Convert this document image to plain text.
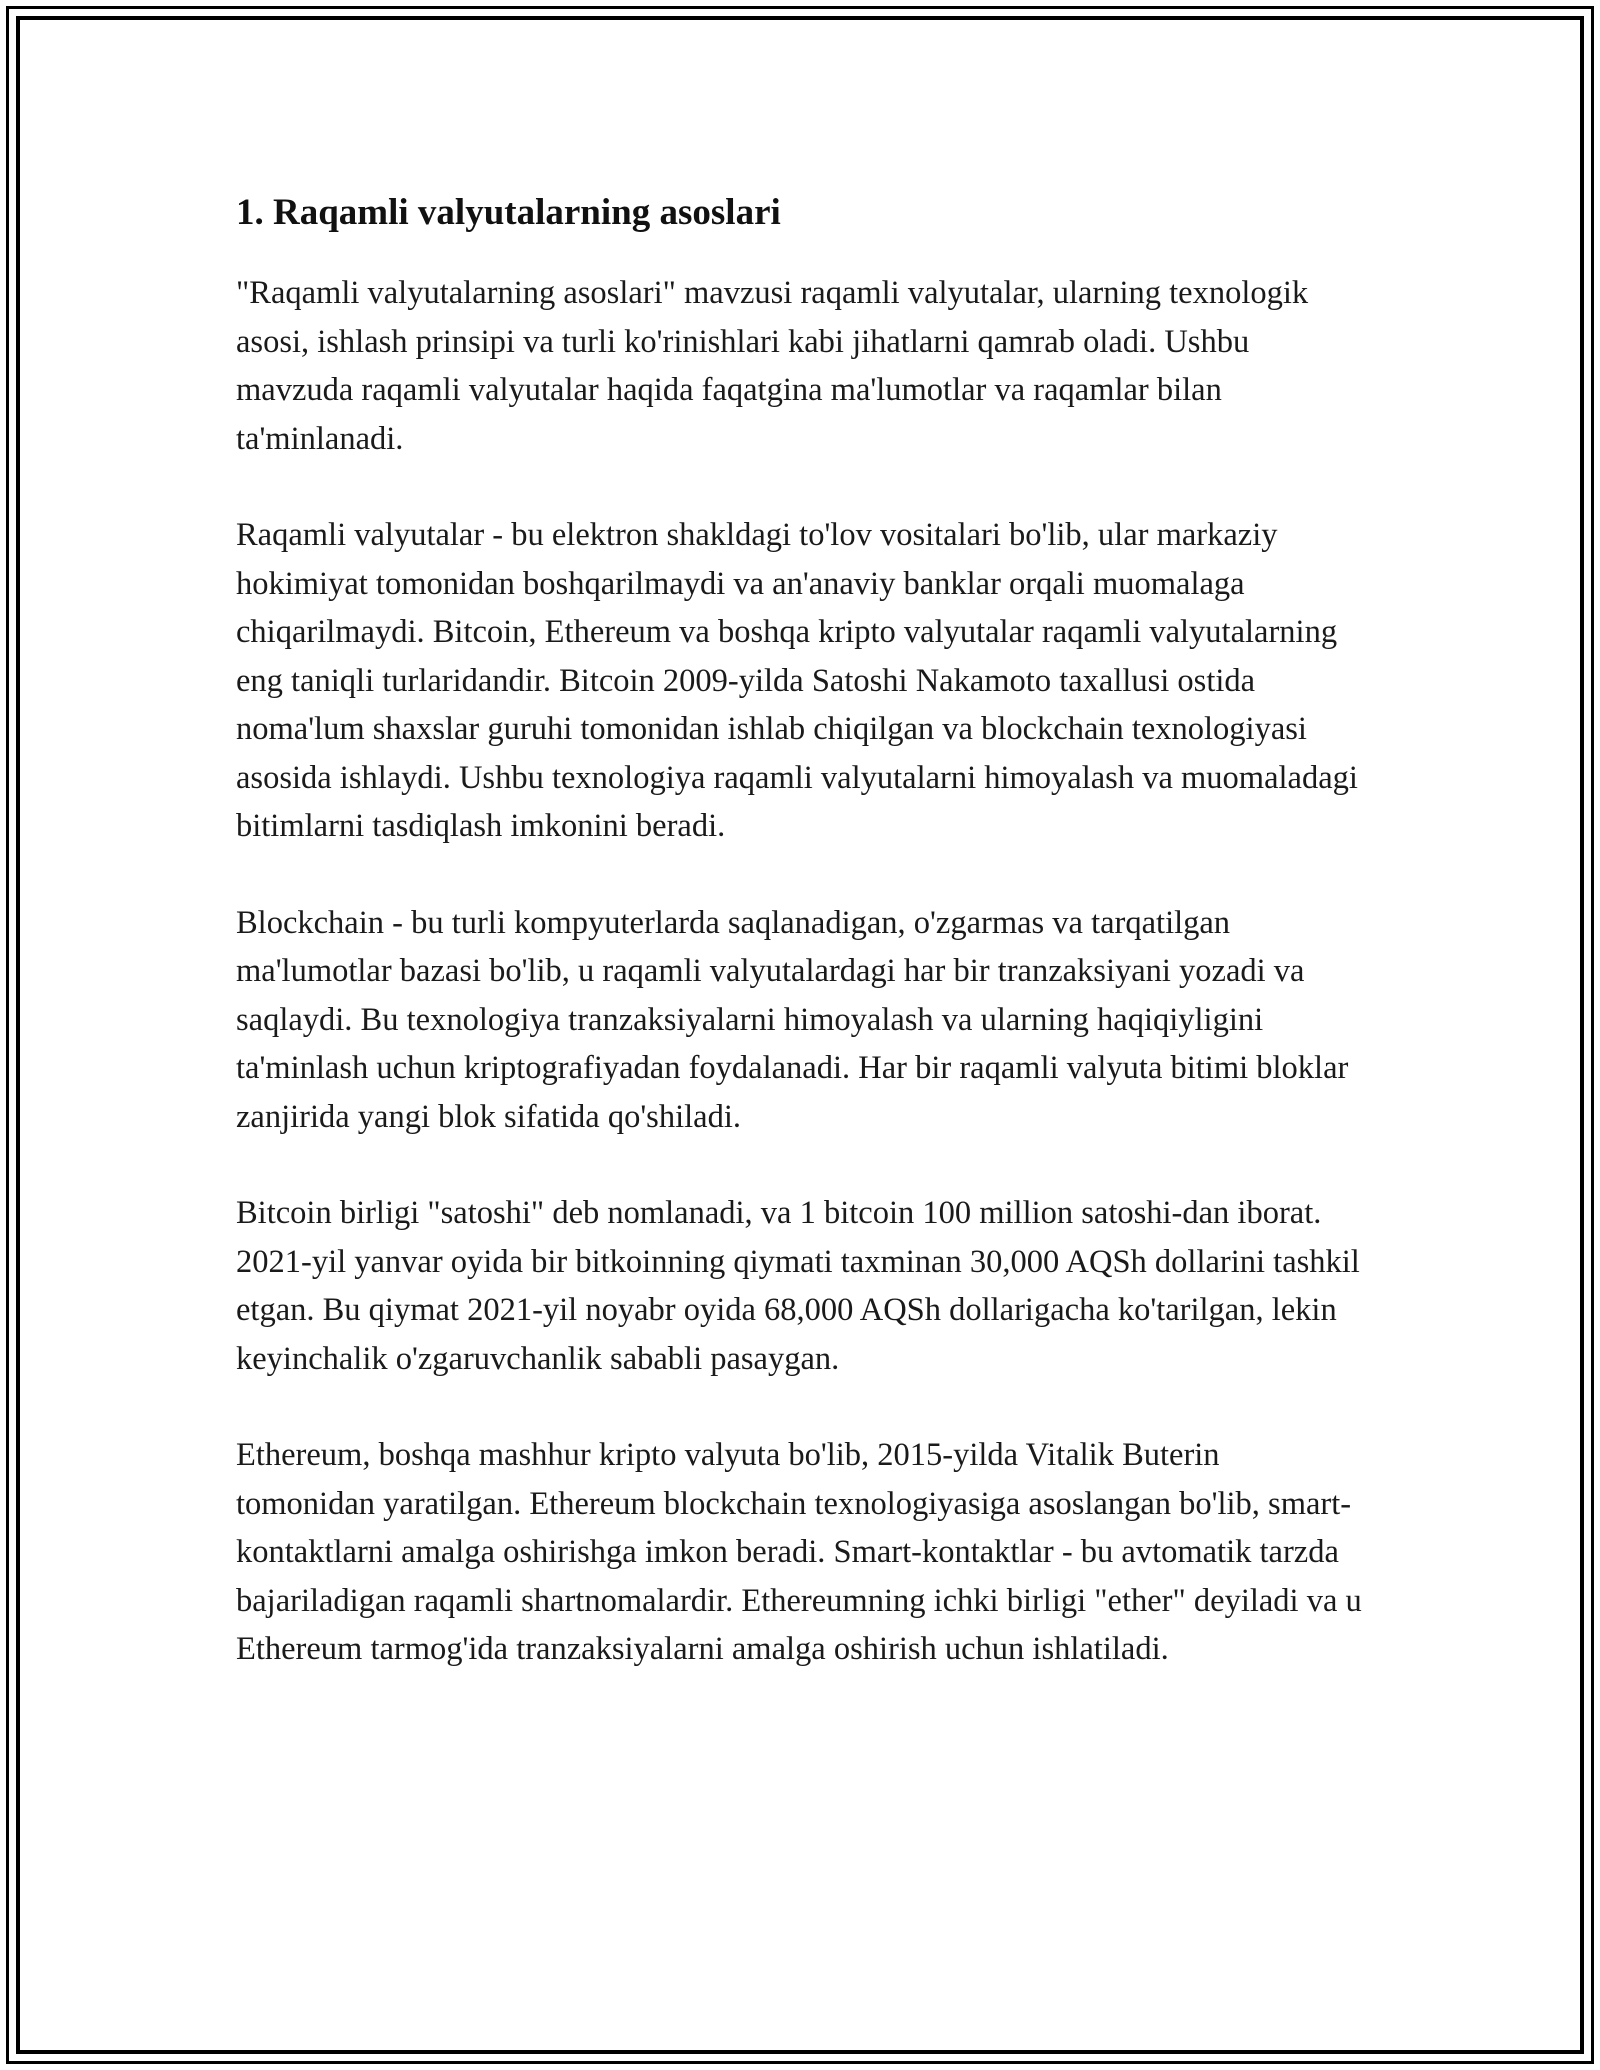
1. Raqamli valyutalarning asoslari

"Raqamli valyutalarning asoslari" mavzusi raqamli valyutalar, ularning texnologik asosi, ishlash prinsipi va turli ko'rinishlari kabi jihatlarni qamrab oladi. Ushbu mavzuda raqamli valyutalar haqida faqatgina ma'lumotlar va raqamlar bilan ta'minlanadi.

Raqamli valyutalar - bu elektron shakldagi to'lov vositalari bo'lib, ular markaziy hokimiyat tomonidan boshqarilmaydi va an'anaviy banklar orqali muomalaga chiqarilmaydi. Bitcoin, Ethereum va boshqa kripto valyutalar raqamli valyutalarning eng taniqli turlaridandir. Bitcoin 2009-yilda Satoshi Nakamoto taxallusi ostida noma'lum shaxslar guruhi tomonidan ishlab chiqilgan va blockchain texnologiyasi asosida ishlaydi. Ushbu texnologiya raqamli valyutalarni himoyalash va muomaladagi bitimlarni tasdiqlash imkonini beradi.

Blockchain - bu turli kompyuterlarda saqlanadigan, o'zgarmas va tarqatilgan ma'lumotlar bazasi bo'lib, u raqamli valyutalardagi har bir tranzaksiyani yozadi va saqlaydi. Bu texnologiya tranzaksiyalarni himoyalash va ularning haqiqiyligini ta'minlash uchun kriptografiyadan foydalanadi. Har bir raqamli valyuta bitimi bloklar zanjirida yangi blok sifatida qo'shiladi.

Bitcoin birligi "satoshi" deb nomlanadi, va 1 bitcoin 100 million satoshi-dan iborat. 2021-yil yanvar oyida bir bitkoinning qiymati taxminan 30,000 AQSh dollarini tashkil etgan. Bu qiymat 2021-yil noyabr oyida 68,000 AQSh dollarigacha ko'tarilgan, lekin keyinchalik o'zgaruvchanlik sababli pasaygan.

Ethereum, boshqa mashhur kripto valyuta bo'lib, 2015-yilda Vitalik Buterin tomonidan yaratilgan. Ethereum blockchain texnologiyasiga asoslangan bo'lib, smart-kontaktlarni amalga oshirishga imkon beradi. Smart-kontaktlar - bu avtomatik tarzda bajariladigan raqamli shartnomalardir. Ethereumning ichki birligi "ether" deyiladi va u Ethereum tarmog'ida tranzaksiyalarni amalga oshirish uchun ishlatiladi.
